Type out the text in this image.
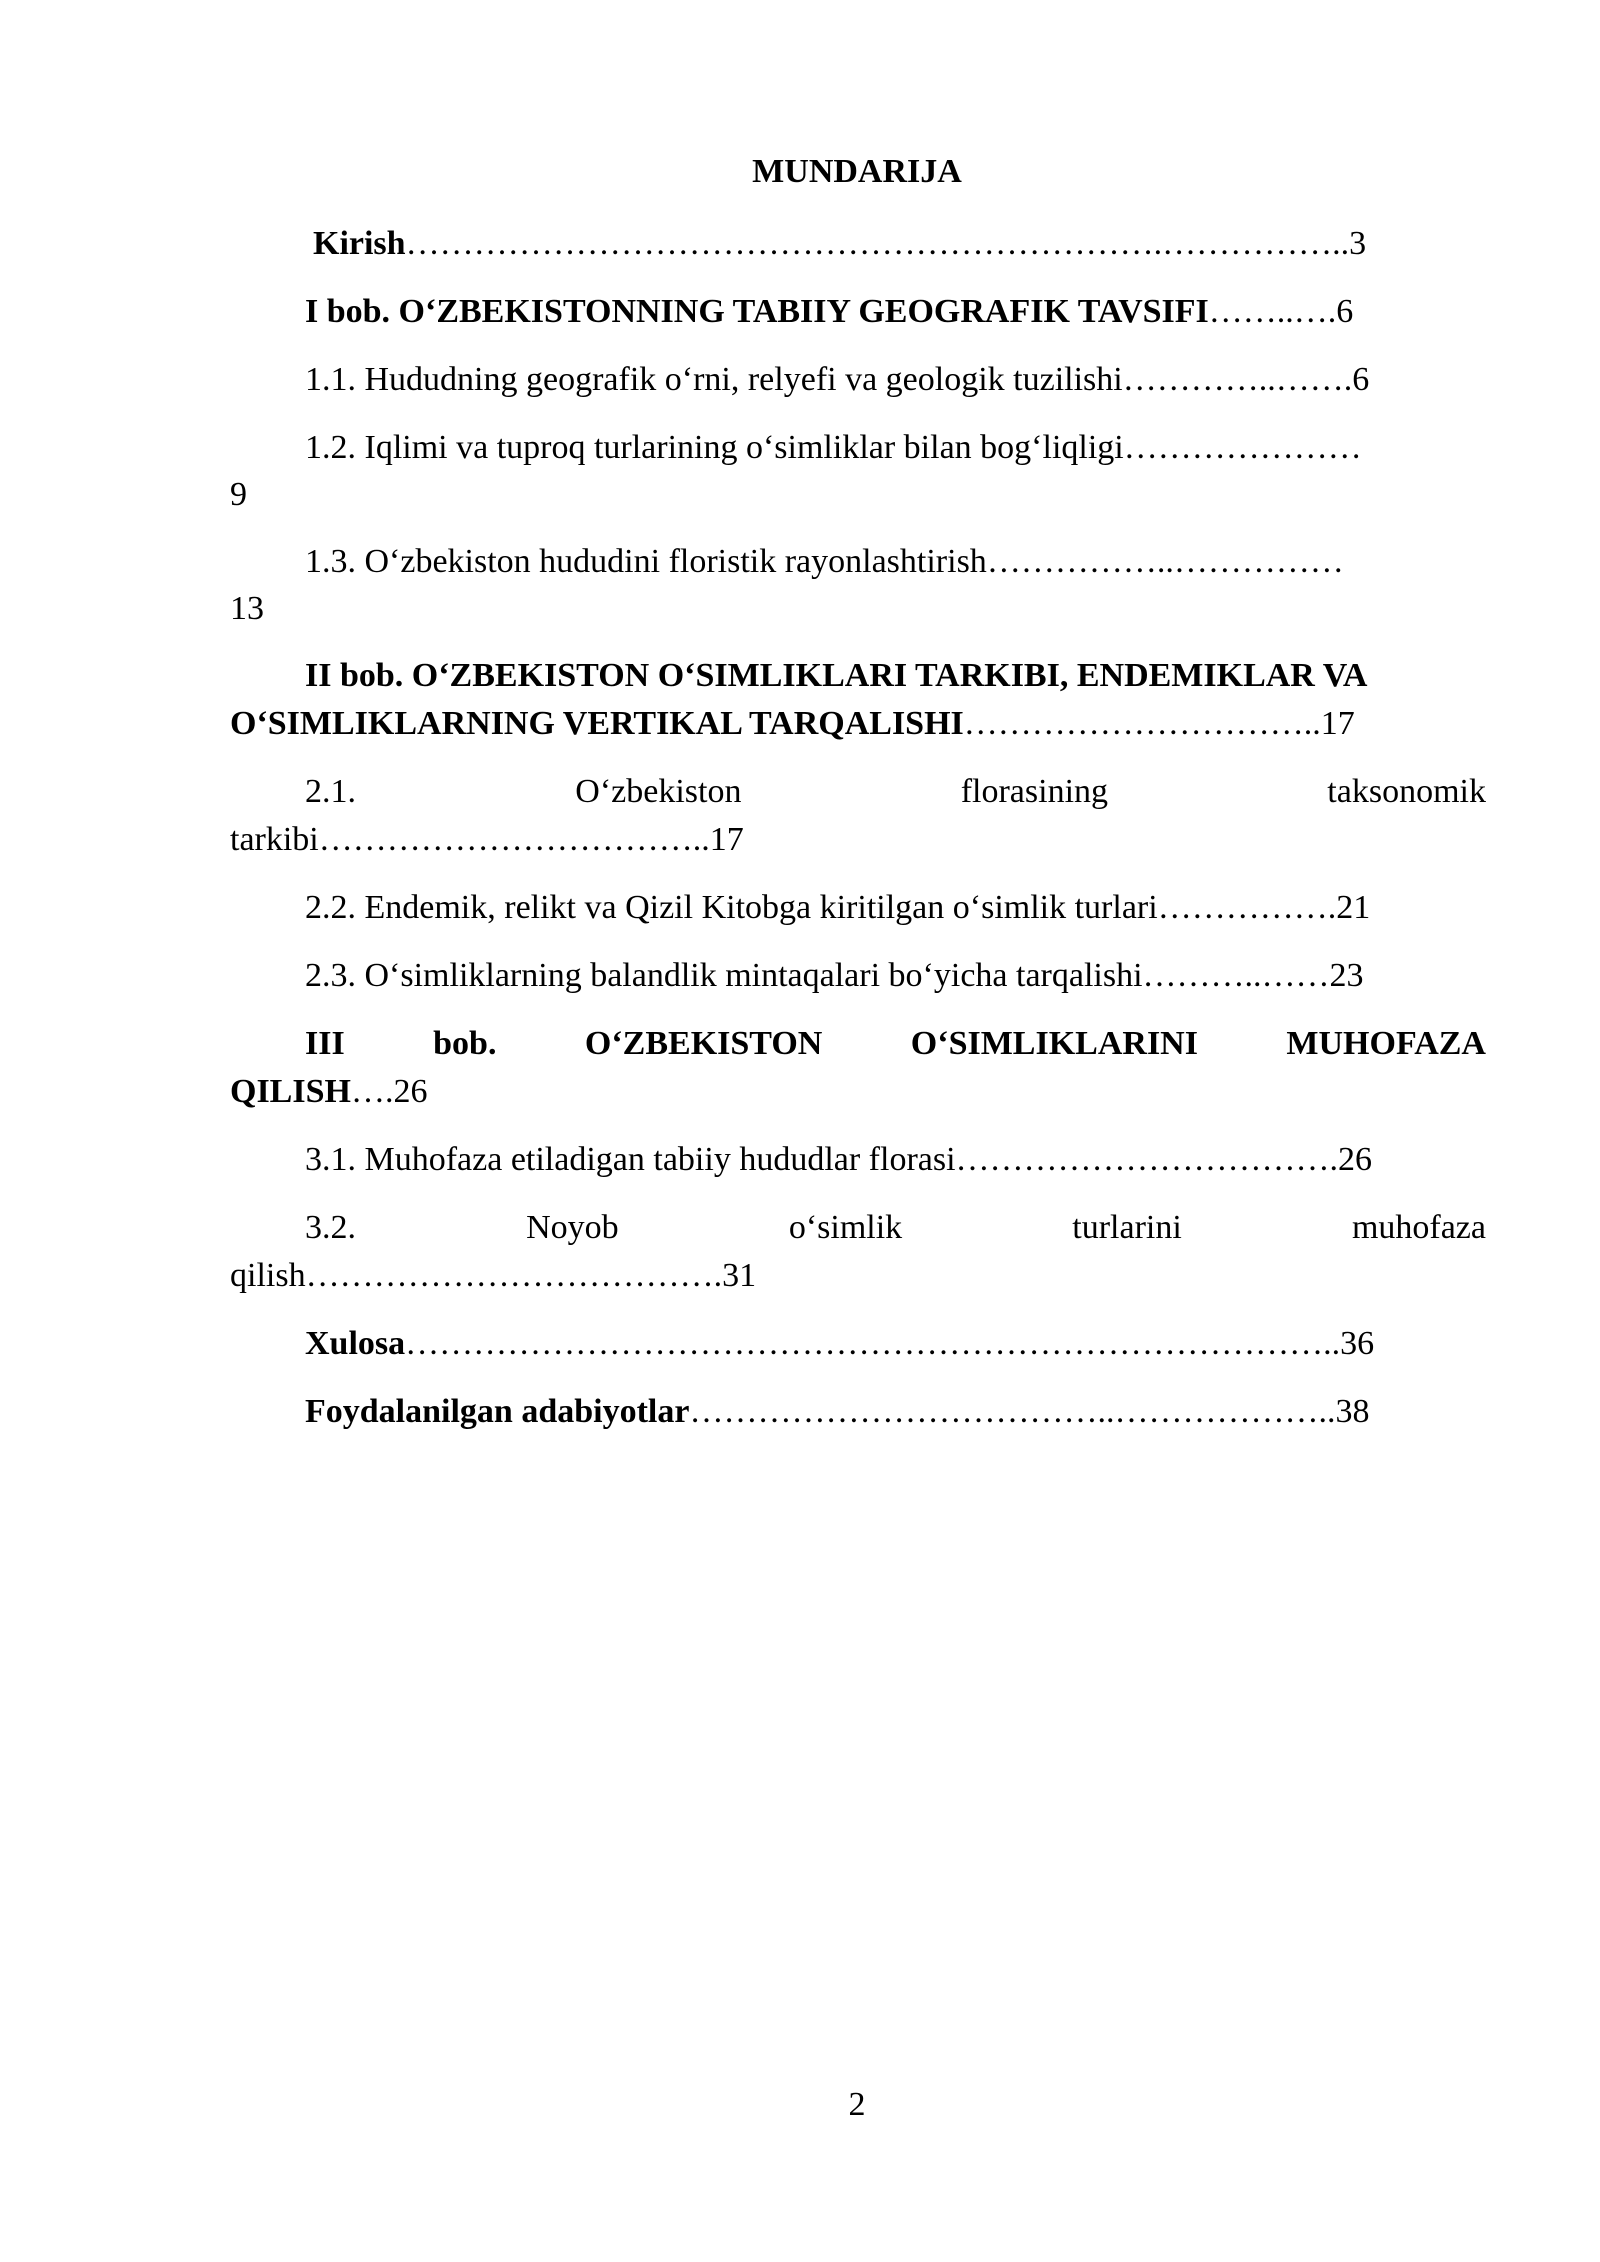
MUNDARIJA
Kirish………………………………………………………….……………..3
I bob. O‘ZBEKISTONNING TABIIY GEOGRAFIK TAVSIFI……..….6
1.1. Hududning geografik o‘rni, relyefi va geologik tuzilishi…………..…….6
1.2. Iqlimi va tuproq turlarining o‘simliklar bilan bog‘liqligi…………………
9
1.3. O‘zbekiston hududini floristik rayonlashtirish……………..……………
13
II bob. O‘ZBEKISTON O‘SIMLIKLARI TARKIBI, ENDEMIKLAR VA
O‘SIMLIKLARNING VERTIKAL TARQALISHI…………………………..17
2.1.	O‘zbekiston	florasining	taksonomik
tarkibi……………………………..17
2.2. Endemik, relikt va Qizil Kitobga kiritilgan o‘simlik turlari…………….21
2.3. O‘simliklarning balandlik mintaqalari bo‘yicha tarqalishi………..……23
III	bob.	O‘ZBEKISTON	O‘SIMLIKLARINI	MUHOFAZA
QILISH….26
3.1. Muhofaza etiladigan tabiiy hududlar florasi…………………………….26
3.2.	Noyob	o‘simlik	turlarini	muhofaza
qilish……………………………….31
Xulosa………………………………………………………………………..36
Foydalanilgan adabiyotlar………………………………..………………..38
2
